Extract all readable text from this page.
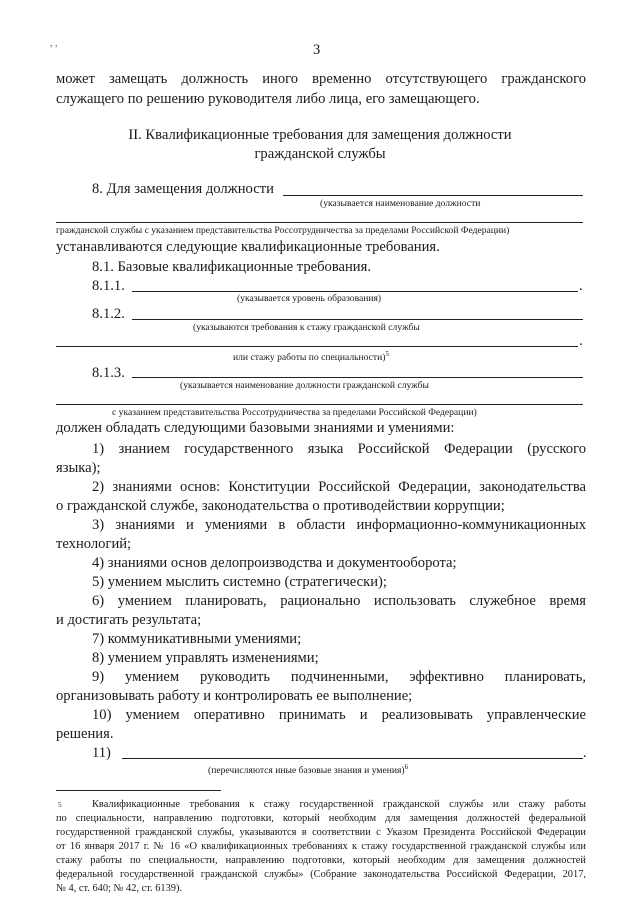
, ,	3
может замещать должность иного временно отсутствующего гражданского
служащего по решению руководителя либо лица, его замещающего.
II. Квалификационные требования для замещения должности
гражданской службы
8. Для замещения должности
(указывается наименование должности
гражданской службы с указанием представительства Россотрудничества за пределами Российской Федерации)
устанавливаются следующие квалификационные требования.
8.1. Базовые квалификационные требования.
8.1.1.	.
(указывается уровень образования)
8.1.2.
(указываются требования к стажу гражданской службы
.
или стажу работы по специальности)$^5$
8.1.3.
(указывается наименование должности гражданской службы
с указанием представительства Россотрудничества за пределами Российской Федерации)
должен обладать следующими базовыми знаниями и умениями:
1) знанием государственного языка Российской Федерации (русского
языка);
2) знаниями основ: Конституции Российской Федерации, законодательства
о гражданской службе, законодательства о противодействии коррупции;
3) знаниями и умениями в области информационно-коммуникационных
технологий;
4) знаниями основ делопроизводства и документооборота;
5) умением мыслить системно (стратегически);
6) умением планировать, рационально использовать служебное время
и достигать результата;
7) коммуникативными умениями;
8) умением управлять изменениями;
9) умением руководить подчиненными, эффективно планировать,
организовывать работу и контролировать ее выполнение;
10) умением оперативно принимать и реализовывать управленческие
решения.
11)	.
(перечисляются иные базовые знания и умения)$^6$
$^5$	Квалификационные требования к стажу государственной гражданской службы или стажу работы
по специальности, направлению подготовки, который необходим для замещения должностей федеральной
государственной гражданской службы, указываются в соответствии с Указом Президента Российской Федерации
от 16 января 2017 г. № 16 «О квалификационных требованиях к стажу государственной гражданской службы или
стажу работы по специальности, направлению подготовки, который необходим для замещения должностей
федеральной государственной гражданской службы» (Собрание законодательства Российской Федерации, 2017,
№ 4, ст. 640; № 42, ст. 6139).
